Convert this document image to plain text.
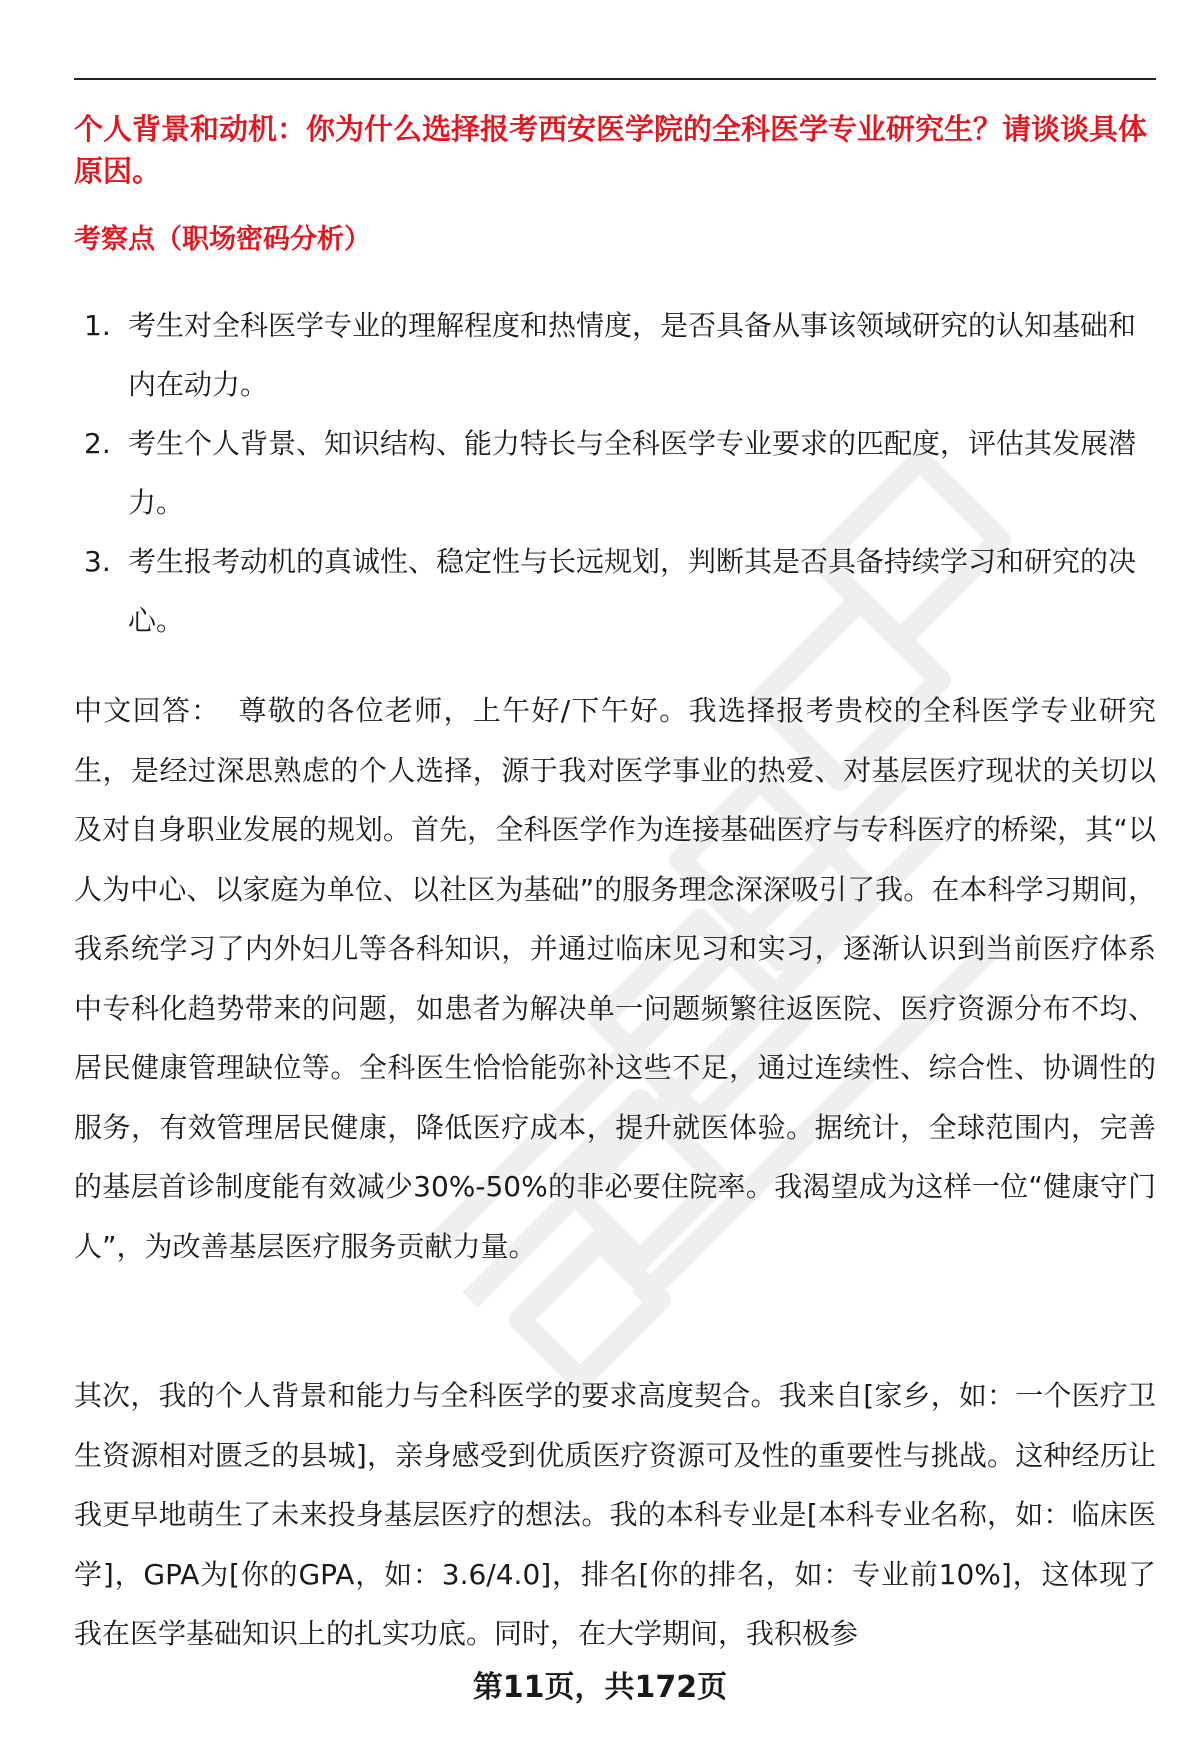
个人背景和动机：你为什么选择报考西安医学院的全科医学专业研究生？请谈谈具体原因。

考察点（职场密码分析）

1. 考生对全科医学专业的理解程度和热情度，是否具备从事该领域研究的认知基础和内在动力。
2. 考生个人背景、知识结构、能力特长与全科医学专业要求的匹配度，评估其发展潜力。
3. 考生报考动机的真诚性、稳定性与长远规划，判断其是否具备持续学习和研究的决心。

中文回答： 尊敬的各位老师，上午好/下午好。我选择报考贵校的全科医学专业研究生，是经过深思熟虑的个人选择，源于我对医学事业的热爱、对基层医疗现状的关切以及对自身职业发展的规划。首先，全科医学作为连接基础医疗与专科医疗的桥梁，其“以人为中心、以家庭为单位、以社区为基础”的服务理念深深吸引了我。在本科学习期间，我系统学习了内外妇儿等各科知识，并通过临床见习和实习，逐渐认识到当前医疗体系中专科化趋势带来的问题，如患者为解决单一问题频繁往返医院、医疗资源分布不均、居民健康管理缺位等。全科医生恰恰能弥补这些不足，通过连续性、综合性、协调性的服务，有效管理居民健康，降低医疗成本，提升就医体验。据统计，全球范围内，完善的基层首诊制度能有效减少30%-50%的非必要住院率。我渴望成为这样一位“健康守门人”，为改善基层医疗服务贡献力量。

其次，我的个人背景和能力与全科医学的要求高度契合。我来自[家乡，如：一个医疗卫生资源相对匮乏的县城]，亲身感受到优质医疗资源可及性的重要性与挑战。这种经历让我更早地萌生了未来投身基层医疗的想法。我的本科专业是[本科专业名称，如：临床医学]，GPA为[你的GPA，如：3.6/4.0]，排名[你的排名，如：专业前10%]，这体现了我在医学基础知识上的扎实功底。同时，在大学期间，我积极参

第11页，共172页
